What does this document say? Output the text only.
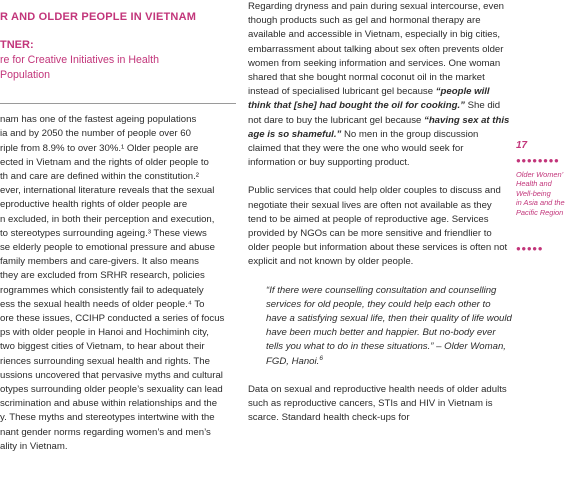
R AND OLDER PEOPLE IN VIETNAM
TNER:
re for Creative Initiatives in Health
Population
nam has one of the fastest ageing populations
ia and by 2050 the number of people over 60
riple from 8.9% to over 30%.¹ Older people are
ected in Vietnam and the rights of older people to
th and care are defined within the constitution.²
ever, international literature reveals that the sexual
eproductive health rights of older people are
n excluded, in both their perception and execution,
to stereotypes surrounding ageing.³ These views
se elderly people to emotional pressure and abuse
family members and care-givers. It also means
they are excluded from SRHR research, policies
rogrammes which consistently fail to adequately
ess the sexual health needs of older people.⁴ To
ore these issues, CCIHP conducted a series of focus
ps with older people in Hanoi and Hochiminh city,
two biggest cities of Vietnam, to hear about their
riences surrounding sexual health and rights. The
ussions uncovered that pervasive myths and cultural
otypes surrounding older people’s sexuality can lead
scrimination and abuse within relationships and the
y. These myths and stereotypes intertwine with the
nant gender norms regarding women’s and men’s
ality in Vietnam.

Regarding dryness and pain during sexual intercourse, even though products such as gel and hormonal therapy are available and accessible in Vietnam, especially in big cities, embarrassment about talking about sex often prevents older women from seeking information and services. One woman shared that she bought normal coconut oil in the market instead of specialised lubricant gel because “people will think that [she] had bought the oil for cooking.” She did not dare to buy the lubricant gel because “having sex at this age is so shameful.” No men in the group discussion claimed that they were the one who would seek for information or buy supporting product.

Public services that could help older couples to discuss and negotiate their sexual lives are often not available as they tend to be aimed at people of reproductive age. Services provided by NGOs can be more sensitive and friendlier to older people but information about these services is often not explicit and not known by older people.

“If there were counselling consultation and counselling services for old people, they could help each other to have a satisfying sexual life, then their quality of life would have been much better and happier. But no-body ever tells you what to do in these situations.” – Older Woman, FGD, Hanoi.$^6$

Data on sexual and reproductive health needs of older adults such as reproductive cancers, STIs and HIV in Vietnam is scarce. Standard health check-ups for

17
●●●●●●●●
Older Women’
Health and
Well-being
in Asia and the
Pacific Region
●●●●●
